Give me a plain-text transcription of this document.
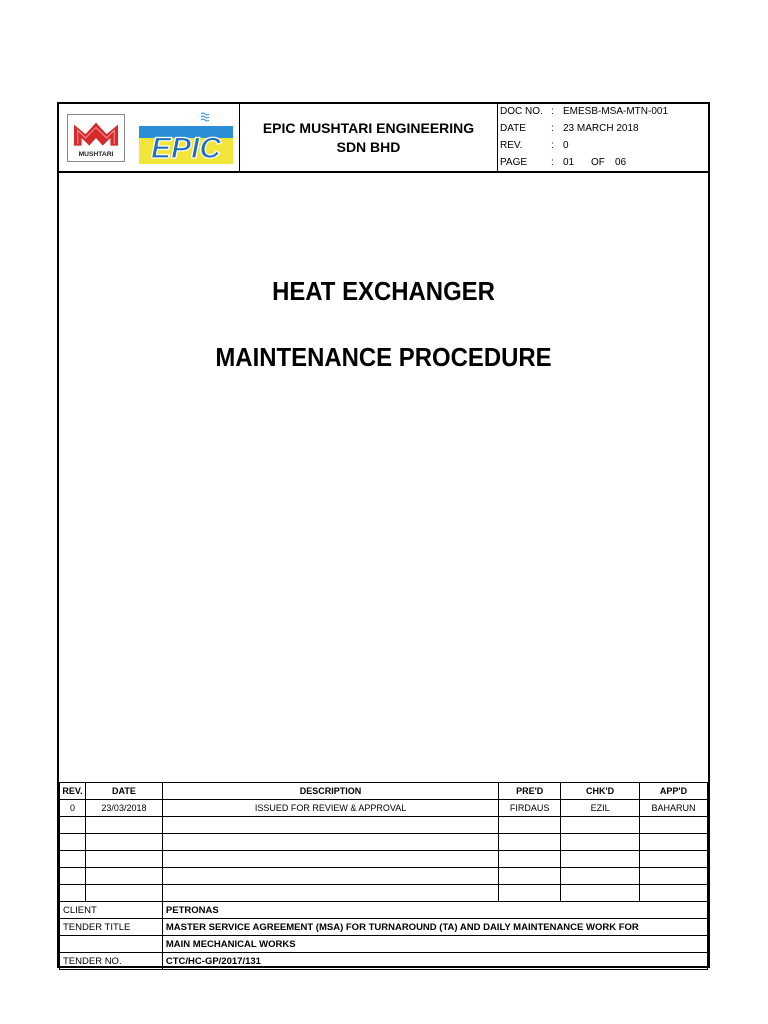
MUSHTARI EPIC
EPIC MUSHTARI ENGINEERING
SDN BHD
DOC NO. : EMESB-MSA-MTN-001
DATE	: 23 MARCH 2018
REV.	: 0
PAGE : 01 OF 06
HEAT EXCHANGER
MAINTENANCE PROCEDURE
REV.	DATE	DESCRIPTION	PRE'D	CHK'D	APP'D
0	23/03/2018	ISSUED FOR REVIEW & APPROVAL	FIRDAUS	EZIL	BAHARUN

CLIENT	PETRONAS
TENDER TITLE	MASTER SERVICE AGREEMENT (MSA) FOR TURNAROUND (TA) AND DAILY MAINTENANCE WORK FOR
	MAIN MECHANICAL WORKS
TENDER NO.	CTC/HC-GP/2017/131
